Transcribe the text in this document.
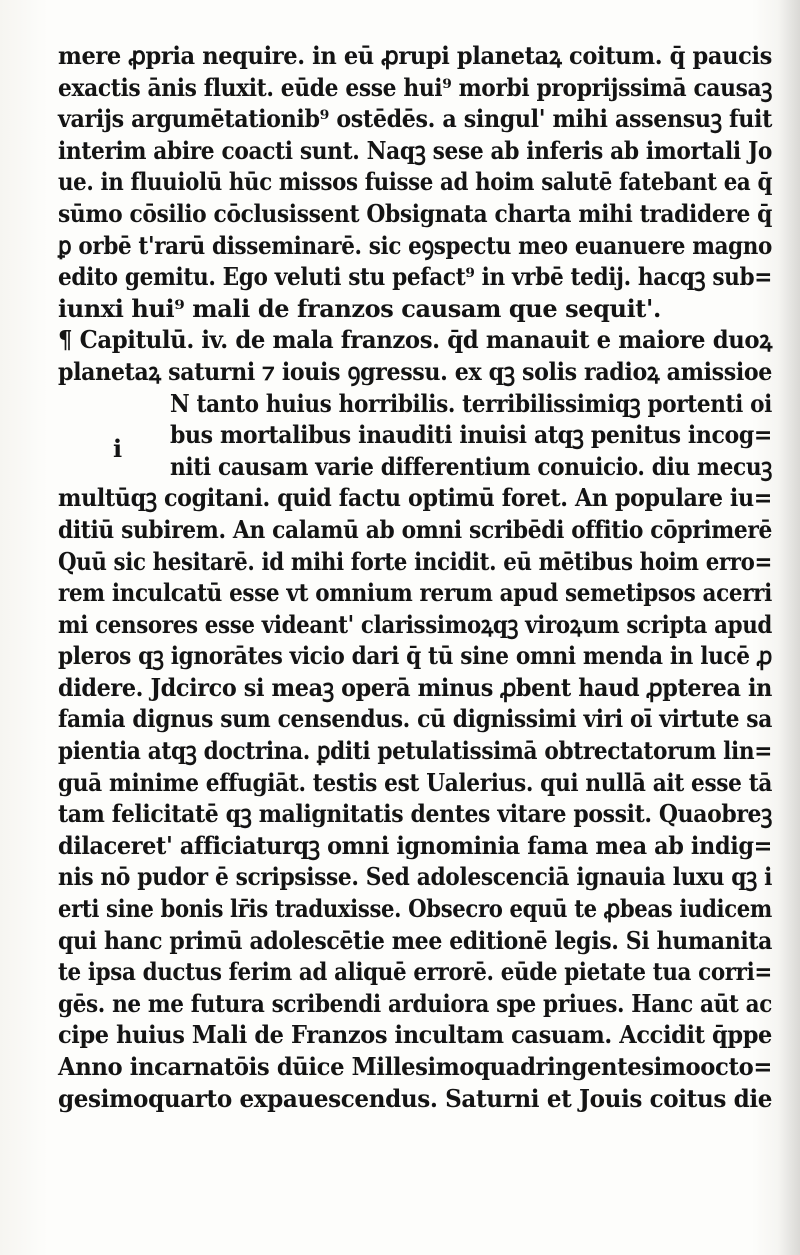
mere ꝓpria nequire. in eū ꝓrupi planetaꝝ coitum. q̄ paucis
exactis ānis fluxit. eūde esse hui⁹ morbi proprijssimā causaꝫ
varijs argumētationib⁹ ostēdēs. a singul' mihi assensuꝫ fuit
interim abire coacti sunt. Naqꝫ sese ab inferis ab imortali Jo
ue. in fluuiolū hūc missos fuisse ad hoim salutē fatebant ea q̄
sūmo cōsilio cōclusissent Obsignata charta mihi tradidere q̄
ꝑ orbē t'rarū disseminarē. sic eꝯspectu meo euanuere magno
edito gemitu. Ego veluti stu pefact⁹ in vrbē tedij. hacqꝫ sub=
iunxi hui⁹ mali de franzos causam que sequit'.
¶ Capitulū. iv. de mala franzos. q̄d manauit e maiore duoꝝ
planetaꝝ saturni ⁊ iouis ꝯgressu. ex qꝫ solis radioꝝ amissioe
N tanto huius horribilis. terribilissimiqꝫ portenti oi
bus mortalibus inauditi inuisi atqꝫ penitus incog=
niti causam varie differentium conuicio. diu mecuꝫ
multūqꝫ cogitani. quid factu optimū foret. An populare iu=
ditiū subirem. An calamū ab omni scribēdi offitio cōprimerē
Quū sic hesitarē. id mihi forte incidit. eū mētibus hoim erro=
rem inculcatū esse vt omnium rerum apud semetipsos acerri
mi censores esse videant' clarissimoꝝqꝫ viroꝝum scripta apud
pleros qꝫ ignorātes vicio dari q̄ tū sine omni menda in lucē ꝓ
didere. Jdcirco si meaꝫ operā minus ꝓbent haud ꝓpterea in
famia dignus sum censendus. cū dignissimi viri oī virtute sa
pientia atqꝫ doctrina. ꝑditi petulatissimā obtrectatorum lin=
guā minime effugiāt. testis est Ualerius. qui nullā ait esse tā
tam felicitatē qꝫ malignitatis dentes vitare possit. Quaobreꝫ
dilaceret' afficiaturqꝫ omni ignominia fama mea ab indig=
nis nō pudor ē scripsisse. Sed adolescenciā ignauia luxu qꝫ i
erti sine bonis lr̄is traduxisse. Obsecro equū te ꝓbeas iudicem
qui hanc primū adolescētie mee editionē legis. Si humanita
te ipsa ductus ferim ad aliquē errorē. eūde pietate tua corri=
gēs. ne me futura scribendi arduiora spe priues. Hanc aūt ac
cipe huius Mali de Franzos incultam casuam. Accidit q̄ppe
Anno incarnatōis dūice Millesimoquadringentesimoocto=
gesimoquarto expauescendus. Saturni et Jouis coitus die
i
